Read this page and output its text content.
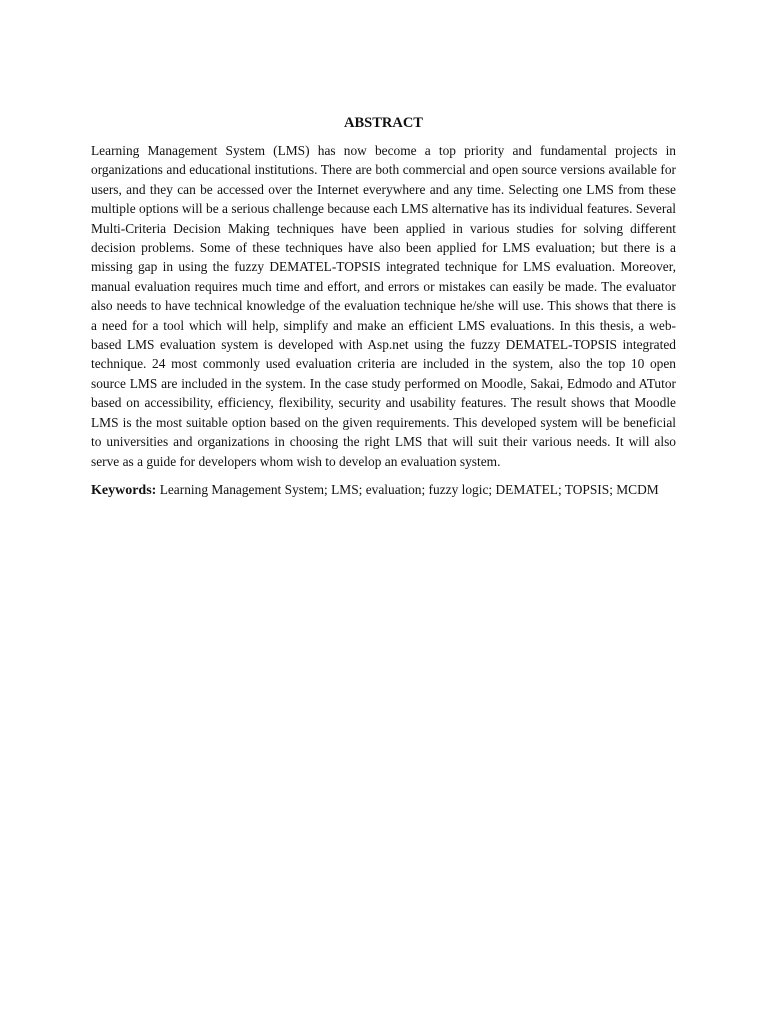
ABSTRACT

Learning Management System (LMS) has now become a top priority and fundamental projects in organizations and educational institutions. There are both commercial and open source versions available for users, and they can be accessed over the Internet everywhere and any time. Selecting one LMS from these multiple options will be a serious challenge because each LMS alternative has its individual features. Several Multi-Criteria Decision Making techniques have been applied in various studies for solving different decision problems. Some of these techniques have also been applied for LMS evaluation; but there is a missing gap in using the fuzzy DEMATEL-TOPSIS integrated technique for LMS evaluation. Moreover, manual evaluation requires much time and effort, and errors or mistakes can easily be made. The evaluator also needs to have technical knowledge of the evaluation technique he/she will use. This shows that there is a need for a tool which will help, simplify and make an efficient LMS evaluations. In this thesis, a web-based LMS evaluation system is developed with Asp.net using the fuzzy DEMATEL-TOPSIS integrated technique. 24 most commonly used evaluation criteria are included in the system, also the top 10 open source LMS are included in the system. In the case study performed on Moodle, Sakai, Edmodo and ATutor based on accessibility, efficiency, flexibility, security and usability features. The result shows that Moodle LMS is the most suitable option based on the given requirements. This developed system will be beneficial to universities and organizations in choosing the right LMS that will suit their various needs. It will also serve as a guide for developers whom wish to develop an evaluation system.

Keywords: Learning Management System; LMS; evaluation; fuzzy logic; DEMATEL; TOPSIS; MCDM
